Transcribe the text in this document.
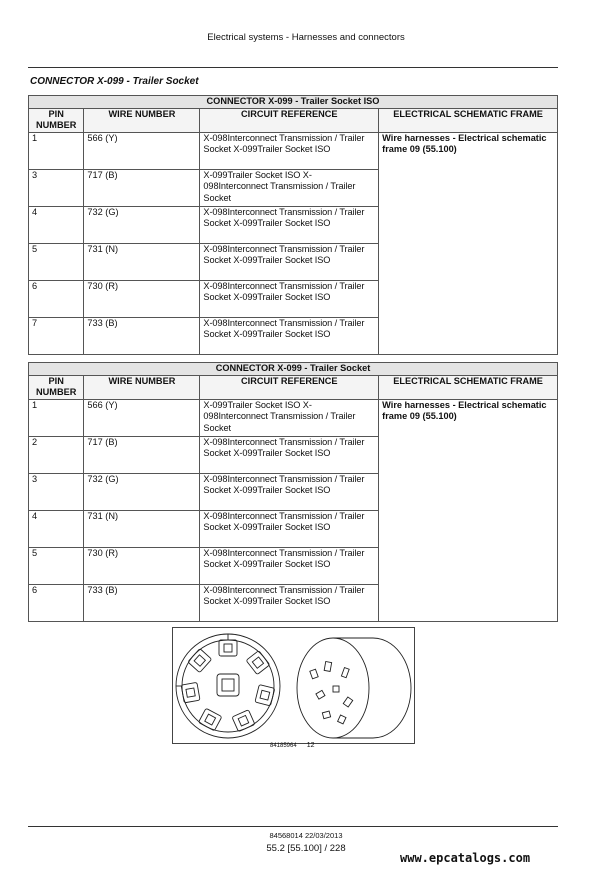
Electrical systems - Harnesses and connectors
CONNECTOR X-099 - Trailer Socket
CONNECTOR X-099 - Trailer Socket ISO			
PIN NUMBER	WIRE NUMBER	CIRCUIT REFERENCE	ELECTRICAL SCHEMATIC FRAME
1	566 (Y)	X-098Interconnect Transmission / Trailer Socket X-099Trailer Socket ISO	Wire harnesses - Electrical schematic frame 09 (55.100)
3	717 (B)	X-099Trailer Socket ISO X-098Interconnect Transmission / Trailer Socket	
4	732 (G)	X-098Interconnect Transmission / Trailer Socket X-099Trailer Socket ISO	
5	731 (N)	X-098Interconnect Transmission / Trailer Socket X-099Trailer Socket ISO	
6	730 (R)	X-098Interconnect Transmission / Trailer Socket X-099Trailer Socket ISO	
7	733 (B)	X-098Interconnect Transmission / Trailer Socket X-099Trailer Socket ISO	
CONNECTOR X-099 - Trailer Socket			
PIN NUMBER	WIRE NUMBER	CIRCUIT REFERENCE	ELECTRICAL SCHEMATIC FRAME
1	566 (Y)	X-099Trailer Socket ISO X-098Interconnect Transmission / Trailer Socket	Wire harnesses - Electrical schematic frame 09 (55.100)
2	717 (B)	X-098Interconnect Transmission / Trailer Socket X-099Trailer Socket ISO	
3	732 (G)	X-098Interconnect Transmission / Trailer Socket X-099Trailer Socket ISO	
4	731 (N)	X-098Interconnect Transmission / Trailer Socket X-099Trailer Socket ISO	
5	730 (R)	X-098Interconnect Transmission / Trailer Socket X-099Trailer Socket ISO	
6	733 (B)	X-098Interconnect Transmission / Trailer Socket X-099Trailer Socket ISO	
84185964 12
84568014 22/03/2013
55.2 [55.100] / 228
www.epcatalogs.com
